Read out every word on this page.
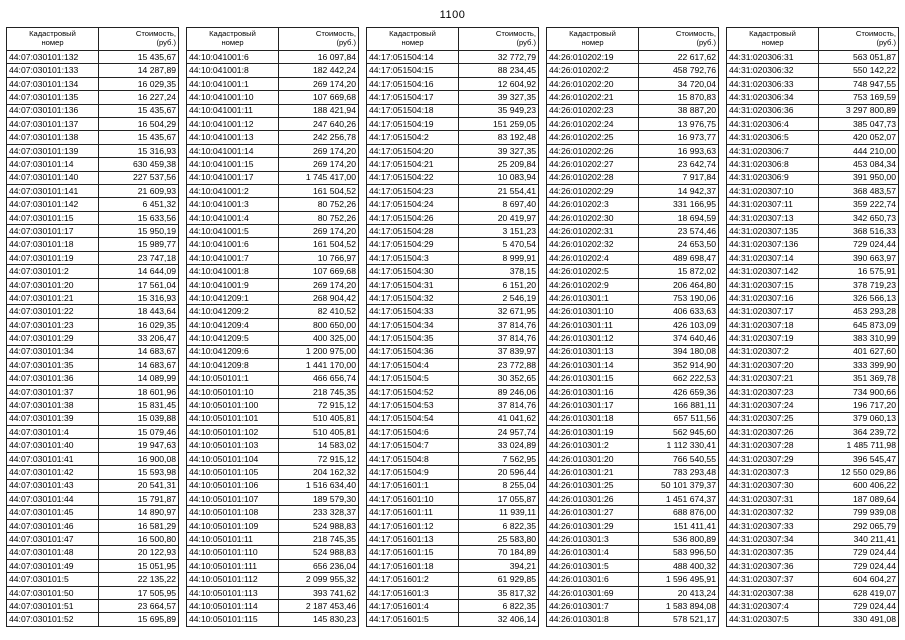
1100
Кадастровый
номер	Стоимость,
(руб.)
44:07:030101:132	15 435,67
44:07:030101:133	14 287,89
44:07:030101:134	16 029,35
44:07:030101:135	16 227,24
44:07:030101:136	15 435,67
44:07:030101:137	16 504,29
44:07:030101:138	15 435,67
44:07:030101:139	15 316,93
44:07:030101:14	630 459,38
44:07:030101:140	227 537,56
44:07:030101:141	21 609,93
44:07:030101:142	6 451,32
44:07:030101:15	15 633,56
44:07:030101:17	15 950,19
44:07:030101:18	15 989,77
44:07:030101:19	23 747,18
44:07:030101:2	14 644,09
44:07:030101:20	17 561,04
44:07:030101:21	15 316,93
44:07:030101:22	18 443,64
44:07:030101:23	16 029,35
44:07:030101:29	33 206,47
44:07:030101:34	14 683,67
44:07:030101:35	14 683,67
44:07:030101:36	14 089,99
44:07:030101:37	18 601,96
44:07:030101:38	15 831,45
44:07:030101:39	15 039,88
44:07:030101:4	15 079,46
44:07:030101:40	19 947,63
44:07:030101:41	16 900,08
44:07:030101:42	15 593,98
44:07:030101:43	20 541,31
44:07:030101:44	15 791,87
44:07:030101:45	14 890,97
44:07:030101:46	16 581,29
44:07:030101:47	16 500,80
44:07:030101:48	20 122,93
44:07:030101:49	15 051,95
44:07:030101:5	22 135,22
44:07:030101:50	17 505,95
44:07:030101:51	23 664,57
44:07:030101:52	15 695,89
Кадастровый
номер	Стоимость,
(руб.)
44:10:041001:6	16 097,84
44:10:041001:8	182 442,24
44:10:041001:1	269 174,20
44:10:041001:10	107 669,68
44:10:041001:11	188 421,94
44:10:041001:12	247 640,26
44:10:041001:13	242 256,78
44:10:041001:14	269 174,20
44:10:041001:15	269 174,20
44:10:041001:17	1 745 417,00
44:10:041001:2	161 504,52
44:10:041001:3	80 752,26
44:10:041001:4	80 752,26
44:10:041001:5	269 174,20
44:10:041001:6	161 504,52
44:10:041001:7	10 766,97
44:10:041001:8	107 669,68
44:10:041001:9	269 174,20
44:10:041209:1	268 904,42
44:10:041209:2	82 410,52
44:10:041209:4	800 650,00
44:10:041209:5	400 325,00
44:10:041209:6	1 200 975,00
44:10:041209:8	1 441 170,00
44:10:050101:1	466 656,74
44:10:050101:10	218 745,35
44:10:050101:100	72 915,12
44:10:050101:101	510 405,81
44:10:050101:102	510 405,81
44:10:050101:103	14 583,02
44:10:050101:104	72 915,12
44:10:050101:105	204 162,32
44:10:050101:106	1 516 634,40
44:10:050101:107	189 579,30
44:10:050101:108	233 328,37
44:10:050101:109	524 988,83
44:10:050101:11	218 745,35
44:10:050101:110	524 988,83
44:10:050101:111	656 236,04
44:10:050101:112	2 099 955,32
44:10:050101:113	393 741,62
44:10:050101:114	2 187 453,46
44:10:050101:115	145 830,23
Кадастровый
номер	Стоимость,
(руб.)
44:17:051504:14	32 772,79
44:17:051504:15	88 234,45
44:17:051504:16	12 604,92
44:17:051504:17	39 327,35
44:17:051504:18	35 949,23
44:17:051504:19	151 259,05
44:17:051504:2	83 192,48
44:17:051504:20	39 327,35
44:17:051504:21	25 209,84
44:17:051504:22	10 083,94
44:17:051504:23	21 554,41
44:17:051504:24	8 697,40
44:17:051504:26	20 419,97
44:17:051504:28	3 151,23
44:17:051504:29	5 470,54
44:17:051504:3	8 999,91
44:17:051504:30	378,15
44:17:051504:31	6 151,20
44:17:051504:32	2 546,19
44:17:051504:33	32 671,95
44:17:051504:34	37 814,76
44:17:051504:35	37 814,76
44:17:051504:36	37 839,97
44:17:051504:4	23 772,88
44:17:051504:5	30 352,65
44:17:051504:52	89 246,06
44:17:051504:53	37 814,76
44:17:051504:54	41 041,62
44:17:051504:6	24 957,74
44:17:051504:7	33 024,89
44:17:051504:8	7 562,95
44:17:051504:9	20 596,44
44:17:051601:1	8 255,04
44:17:051601:10	17 055,87
44:17:051601:11	11 939,11
44:17:051601:12	6 822,35
44:17:051601:13	25 583,80
44:17:051601:15	70 184,89
44:17:051601:18	394,21
44:17:051601:2	61 929,85
44:17:051601:3	35 817,32
44:17:051601:4	6 822,35
44:17:051601:5	32 406,14
Кадастровый
номер	Стоимость,
(руб.)
44:26:010202:19	22 617,62
44:26:010202:2	458 792,76
44:26:010202:20	34 720,04
44:26:010202:21	15 870,83
44:26:010202:23	38 887,20
44:26:010202:24	13 976,75
44:26:010202:25	16 973,77
44:26:010202:26	16 993,63
44:26:010202:27	23 642,74
44:26:010202:28	7 917,84
44:26:010202:29	14 942,37
44:26:010202:3	331 166,95
44:26:010202:30	18 694,59
44:26:010202:31	23 574,46
44:26:010202:32	24 653,50
44:26:010202:4	489 698,47
44:26:010202:5	15 872,02
44:26:010202:9	206 464,80
44:26:010301:1	753 190,06
44:26:010301:10	406 633,63
44:26:010301:11	426 103,09
44:26:010301:12	374 640,46
44:26:010301:13	394 180,08
44:26:010301:14	352 914,90
44:26:010301:15	662 222,53
44:26:010301:16	426 659,36
44:26:010301:17	166 881,11
44:26:010301:18	657 511,56
44:26:010301:19	562 945,60
44:26:010301:2	1 112 330,41
44:26:010301:20	766 540,55
44:26:010301:21	783 293,48
44:26:010301:25	50 101 379,37
44:26:010301:26	1 451 674,37
44:26:010301:27	688 876,00
44:26:010301:29	151 411,41
44:26:010301:3	536 800,89
44:26:010301:4	583 996,50
44:26:010301:5	488 400,32
44:26:010301:6	1 596 495,91
44:26:010301:69	20 413,24
44:26:010301:7	1 583 894,08
44:26:010301:8	578 521,17
Кадастровый
номер	Стоимость,
(руб.)
44:31:020306:31	563 051,87
44:31:020306:32	550 142,22
44:31:020306:33	748 947,55
44:31:020306:34	753 169,59
44:31:020306:36	3 297 800,89
44:31:020306:4	385 047,73
44:31:020306:5	420 052,07
44:31:020306:7	444 210,00
44:31:020306:8	453 084,34
44:31:020306:9	391 950,00
44:31:020307:10	368 483,57
44:31:020307:11	359 222,74
44:31:020307:13	342 650,73
44:31:020307:135	368 516,33
44:31:020307:136	729 024,44
44:31:020307:14	390 663,97
44:31:020307:142	16 575,91
44:31:020307:15	378 719,23
44:31:020307:16	326 566,13
44:31:020307:17	453 293,28
44:31:020307:18	645 873,09
44:31:020307:19	383 310,99
44:31:020307:2	401 627,60
44:31:020307:20	333 399,90
44:31:020307:21	351 369,78
44:31:020307:23	734 900,66
44:31:020307:24	196 717,20
44:31:020307:25	379 060,13
44:31:020307:26	364 239,72
44:31:020307:28	1 485 711,98
44:31:020307:29	396 545,47
44:31:020307:3	12 550 029,86
44:31:020307:30	600 406,22
44:31:020307:31	187 089,64
44:31:020307:32	799 939,08
44:31:020307:33	292 065,79
44:31:020307:34	340 211,41
44:31:020307:35	729 024,44
44:31:020307:36	729 024,44
44:31:020307:37	604 604,27
44:31:020307:38	628 419,07
44:31:020307:4	729 024,44
44:31:020307:5	330 491,08
